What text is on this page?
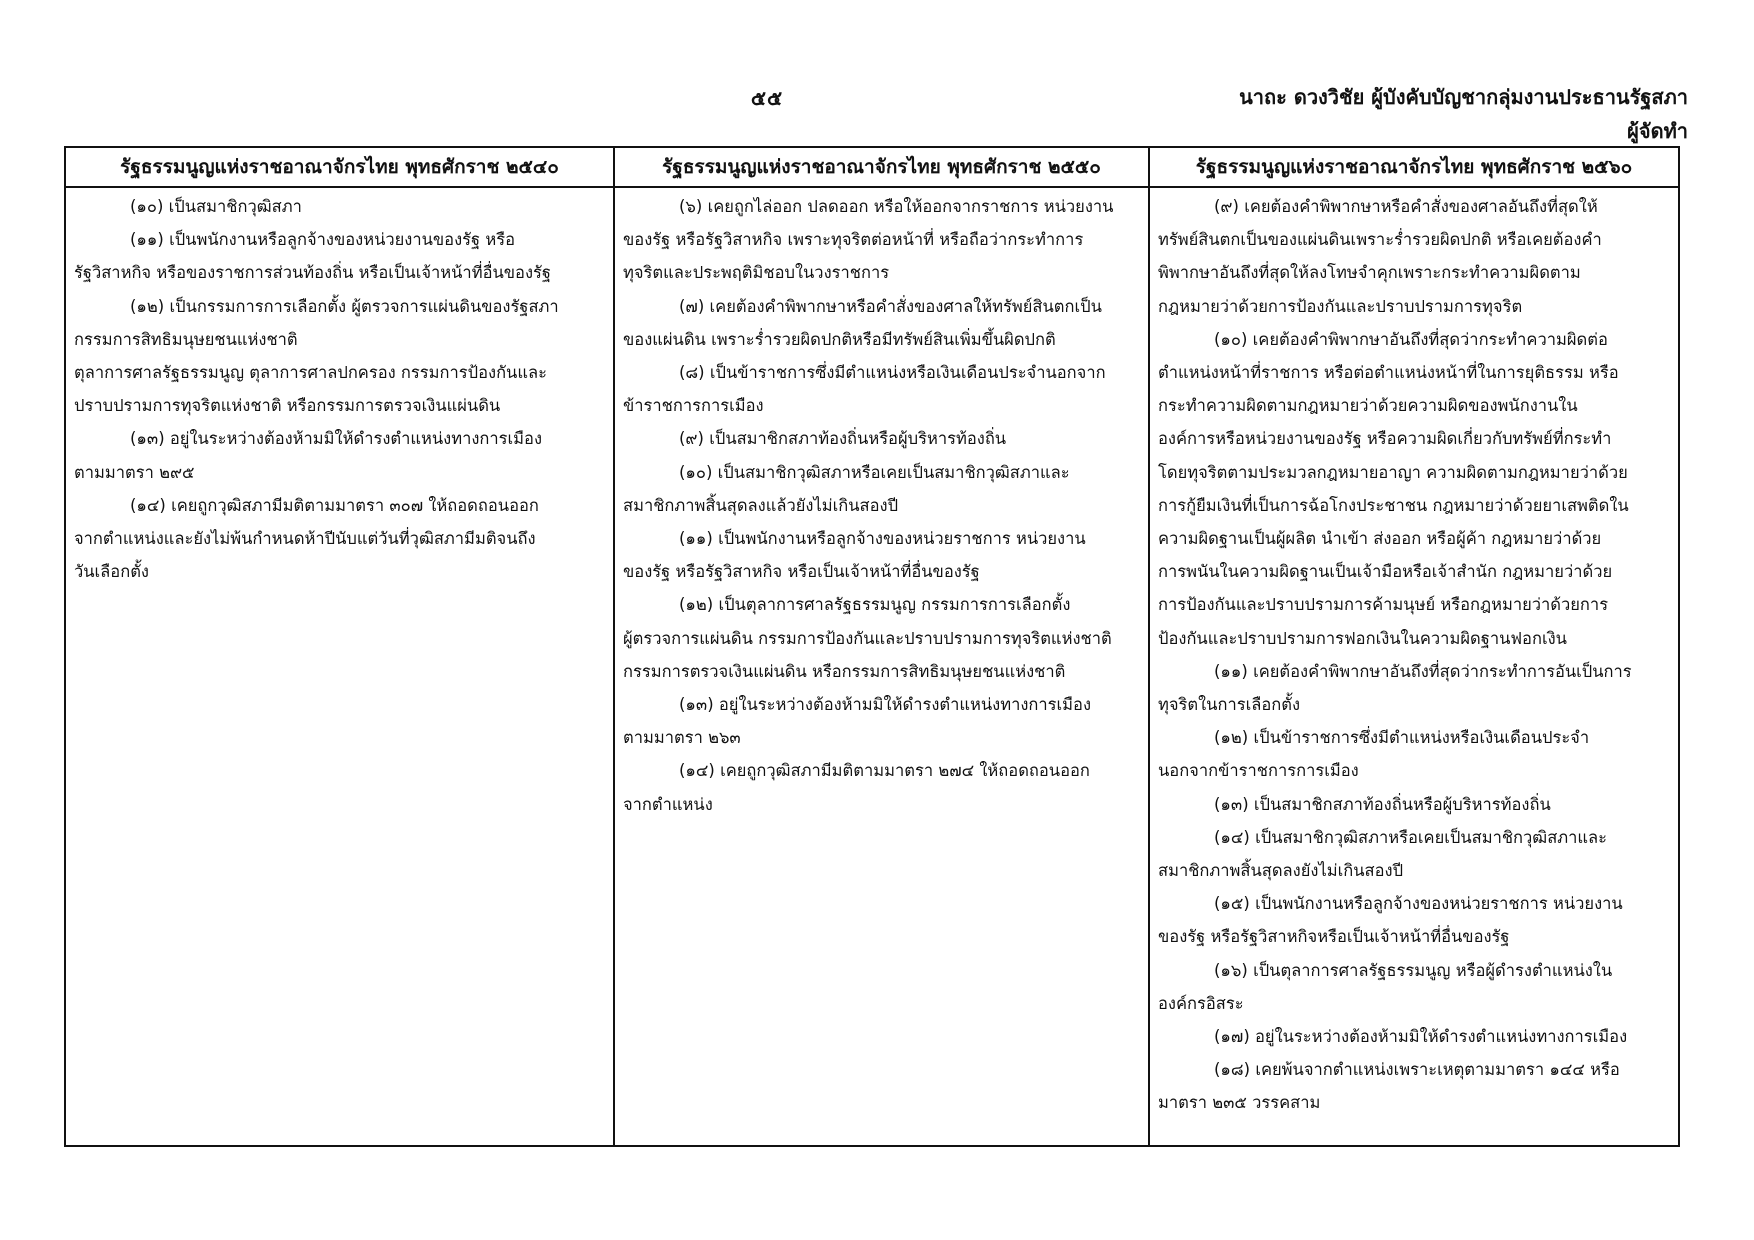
๕๕	นาถะ ดวงวิชัย ผู้บังคับบัญชากลุ่มงานประธานรัฐสภา
ผู้จัดทำ
รัฐธรรมนูญแห่งราชอาณาจักรไทย พุทธศักราช ๒๕๔๐

(๑๐) เป็นสมาชิกวุฒิสภา

(๑๑) เป็นพนักงานหรือลูกจ้างของหน่วยงานของรัฐ หรือ
รัฐวิสาหกิจ หรือของราชการส่วนท้องถิ่น หรือเป็นเจ้าหน้าที่อื่นของรัฐ

(๑๒) เป็นกรรมการการเลือกตั้ง ผู้ตรวจการแผ่นดินของรัฐสภา
กรรมการสิทธิมนุษยชนแห่งชาติ

ตุลาการศาลรัฐธรรมนูญ ตุลาการศาลปกครอง กรรมการป้องกันและ
ปราบปรามการทุจริตแห่งชาติ หรือกรรมการตรวจเงินแผ่นดิน

(๑๓) อยู่ในระหว่างต้องห้ามมิให้ดำรงตำแหน่งทางการเมือง
ตามมาตรา ๒๙๕

(๑๔) เคยถูกวุฒิสภามีมติตามมาตรา ๓๐๗ ให้ถอดถอนออก
จากตำแหน่งและยังไม่พ้นกำหนดห้าปีนับแต่วันที่วุฒิสภามีมติจนถึง
วันเลือกตั้ง

รัฐธรรมนูญแห่งราชอาณาจักรไทย พุทธศักราช ๒๕๕๐

(๖) เคยถูกไล่ออก ปลดออก หรือให้ออกจากราชการ หน่วยงาน
ของรัฐ หรือรัฐวิสาหกิจ เพราะทุจริตต่อหน้าที่ หรือถือว่ากระทำการ
ทุจริตและประพฤติมิชอบในวงราชการ

(๗) เคยต้องคำพิพากษาหรือคำสั่งของศาลให้ทรัพย์สินตกเป็น
ของแผ่นดิน เพราะร่ำรวยผิดปกติหรือมีทรัพย์สินเพิ่มขึ้นผิดปกติ

(๘) เป็นข้าราชการซึ่งมีตำแหน่งหรือเงินเดือนประจำนอกจาก
ข้าราชการการเมือง

(๙) เป็นสมาชิกสภาท้องถิ่นหรือผู้บริหารท้องถิ่น

(๑๐) เป็นสมาชิกวุฒิสภาหรือเคยเป็นสมาชิกวุฒิสภาและ
สมาชิกภาพสิ้นสุดลงแล้วยังไม่เกินสองปี

(๑๑) เป็นพนักงานหรือลูกจ้างของหน่วยราชการ หน่วยงาน
ของรัฐ หรือรัฐวิสาหกิจ หรือเป็นเจ้าหน้าที่อื่นของรัฐ

(๑๒) เป็นตุลาการศาลรัฐธรรมนูญ กรรมการการเลือกตั้ง
ผู้ตรวจการแผ่นดิน กรรมการป้องกันและปราบปรามการทุจริตแห่งชาติ
กรรมการตรวจเงินแผ่นดิน หรือกรรมการสิทธิมนุษยชนแห่งชาติ

(๑๓) อยู่ในระหว่างต้องห้ามมิให้ดำรงตำแหน่งทางการเมือง
ตามมาตรา ๒๖๓

(๑๔) เคยถูกวุฒิสภามีมติตามมาตรา ๒๗๔ ให้ถอดถอนออก
จากตำแหน่ง

รัฐธรรมนูญแห่งราชอาณาจักรไทย พุทธศักราช ๒๕๖๐

(๙) เคยต้องคำพิพากษาหรือคำสั่งของศาลอันถึงที่สุดให้
ทรัพย์สินตกเป็นของแผ่นดินเพราะร่ำรวยผิดปกติ หรือเคยต้องคำ
พิพากษาอันถึงที่สุดให้ลงโทษจำคุกเพราะกระทำความผิดตาม
กฎหมายว่าด้วยการป้องกันและปราบปรามการทุจริต

(๑๐) เคยต้องคำพิพากษาอันถึงที่สุดว่ากระทำความผิดต่อ
ตำแหน่งหน้าที่ราชการ หรือต่อตำแหน่งหน้าที่ในการยุติธรรม หรือ
กระทำความผิดตามกฎหมายว่าด้วยความผิดของพนักงานใน
องค์การหรือหน่วยงานของรัฐ หรือความผิดเกี่ยวกับทรัพย์ที่กระทำ
โดยทุจริตตามประมวลกฎหมายอาญา ความผิดตามกฎหมายว่าด้วย
การกู้ยืมเงินที่เป็นการฉ้อโกงประชาชน กฎหมายว่าด้วยยาเสพติดใน
ความผิดฐานเป็นผู้ผลิต นำเข้า ส่งออก หรือผู้ค้า กฎหมายว่าด้วย
การพนันในความผิดฐานเป็นเจ้ามือหรือเจ้าสำนัก กฎหมายว่าด้วย
การป้องกันและปราบปรามการค้ามนุษย์ หรือกฎหมายว่าด้วยการ
ป้องกันและปราบปรามการฟอกเงินในความผิดฐานฟอกเงิน

(๑๑) เคยต้องคำพิพากษาอันถึงที่สุดว่ากระทำการอันเป็นการ
ทุจริตในการเลือกตั้ง

(๑๒) เป็นข้าราชการซึ่งมีตำแหน่งหรือเงินเดือนประจำ
นอกจากข้าราชการการเมือง

(๑๓) เป็นสมาชิกสภาท้องถิ่นหรือผู้บริหารท้องถิ่น

(๑๔) เป็นสมาชิกวุฒิสภาหรือเคยเป็นสมาชิกวุฒิสภาและ
สมาชิกภาพสิ้นสุดลงยังไม่เกินสองปี

(๑๕) เป็นพนักงานหรือลูกจ้างของหน่วยราชการ หน่วยงาน
ของรัฐ หรือรัฐวิสาหกิจหรือเป็นเจ้าหน้าที่อื่นของรัฐ

(๑๖) เป็นตุลาการศาลรัฐธรรมนูญ หรือผู้ดำรงตำแหน่งใน
องค์กรอิสระ

(๑๗) อยู่ในระหว่างต้องห้ามมิให้ดำรงตำแหน่งทางการเมือง

(๑๘) เคยพ้นจากตำแหน่งเพราะเหตุตามมาตรา ๑๔๔ หรือ
มาตรา ๒๓๕ วรรคสาม
